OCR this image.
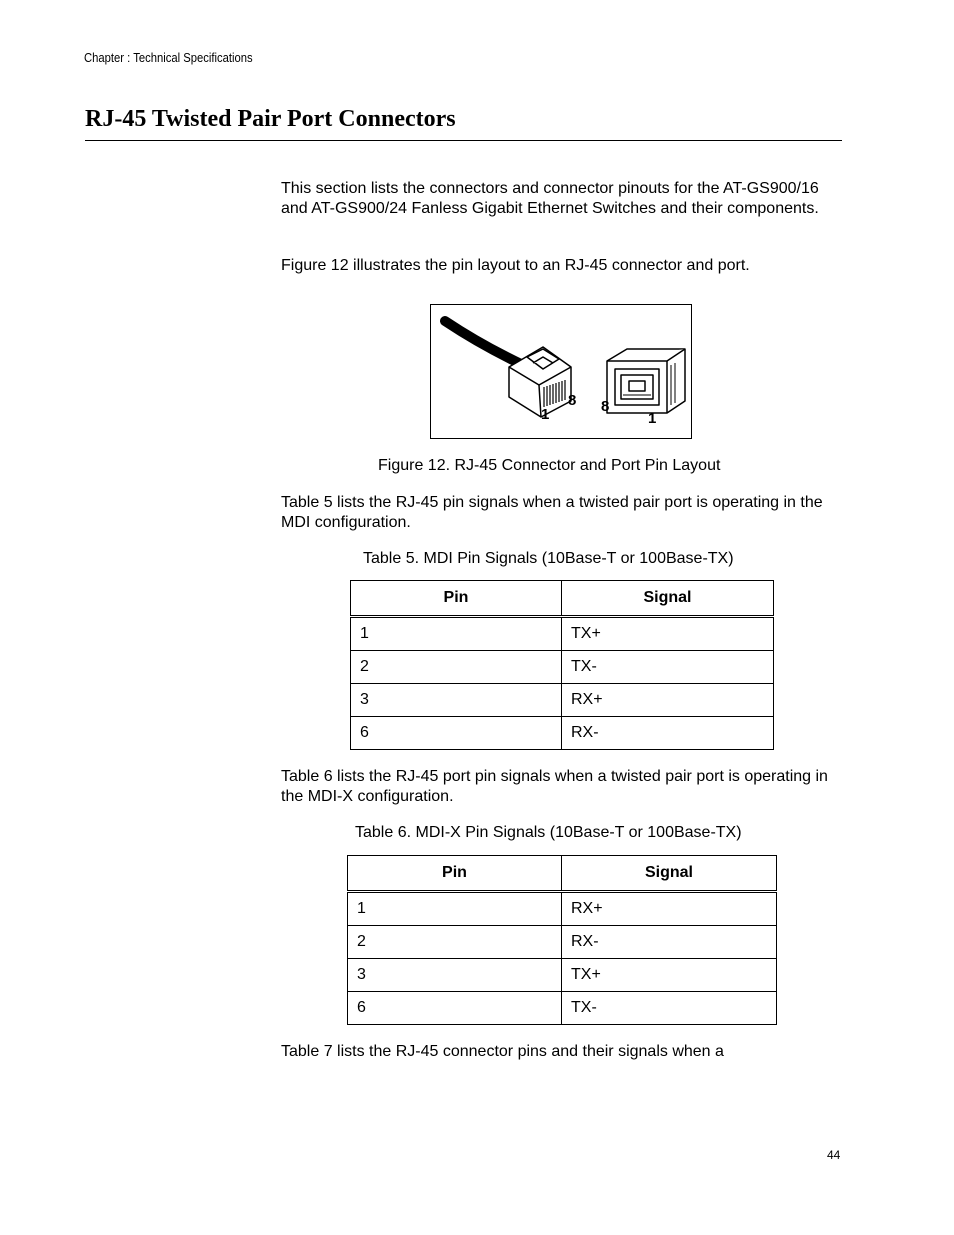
Chapter : Technical Specifications
RJ-45 Twisted Pair Port Connectors

This section lists the connectors and connector pinouts for the AT-GS900/16 and AT-GS900/24 Fanless Gigabit Ethernet Switches and their components.

Figure 12 illustrates the pin layout to an RJ-45 connector and port.

1
8 8
1

Figure 12. RJ-45 Connector and Port Pin Layout

Table 5 lists the RJ-45 pin signals when a twisted pair port is operating in the MDI configuration.

Table 5. MDI Pin Signals (10Base-T or 100Base-TX)

Pin	Signal
1	TX+
2	TX-
3	RX+
6	RX-

Table 6 lists the RJ-45 port pin signals when a twisted pair port is operating in the MDI-X configuration.

Table 6. MDI-X Pin Signals (10Base-T or 100Base-TX)

Pin	Signal
1	RX+
2	RX-
3	TX+
6	TX-

Table 7 lists the RJ-45 connector pins and their signals when a

44
